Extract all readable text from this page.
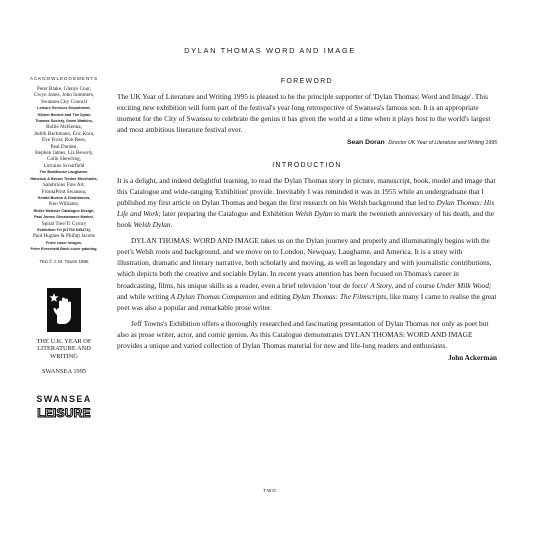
DYLAN THOMAS WORD AND IMAGE
ACKNOWLEDGEMENTS
Peter Blake, Glenys Cour,
Gwyn Jones, John Summers,
Swansea City Council
Leisure Services Department,
Gilbert Bennet and The Dylan
Thomas Society, Gwen Watkins,
Rollie McKenna,
Judith Bachmann, Eric Kora,
Eve Frost, Rob Rees,
Paul Durden,
Stephen James, Liz Beverly,
Colin Shewring,
Lorraine Scourfield
The Boathouse Laugharne,
Hancock & Brown Timber Merchants,
Salubrious Fine Art,
FrontaPrint Swansea,
Gerald Burton & Distributors,
Ken Williams,
Ridler Webster Catalogue Design,
Paul James Genaissance Market,
Spiral Tree/Ti Cymry
Exhibition Tel (01792 645474),
Paul Hughes & Phillip Jacobs
Front cover images,
Peter Eversheld Back cover painting.
Text © J. M. Towns 1995
THE U.K. YEAR OF
LITERATURE AND
WRITING
SWANSEA 1995
SWANSEA
LEISURE
FOREWORD

The UK Year of Literature and Writing 1995 is pleased to be the principle supporter of 'Dylan Thomas: Word and Image'. This exciting new exhibition will form part of the festival's year long retrospective of Swansea's famous son. It is an appropriate moment for the City of Swansea to celebrate the genius it has given the world at a time when it plays host to the world's largest and most ambitious literature festival ever.

Sean Doran Director UK Year of Literature and Writing 1995
INTRODUCTION

It is a delight, and indeed delightful learning, to read the Dylan Thomas story in picture, manuscript, book, model and image that this Catalogue and wide-ranging 'Exhibition' provide. Inevitably I was reminded it was in 1955 while an undergraduate that I published my first article on Dylan Thomas and began the first research on his Welsh background that led to Dylan Thomas: His Life and Work; later preparing the Catalogue and Exhibition Welsh Dylan to mark the twentieth anniversary of his death, and the book Welsh Dylan.

DYLAN THOMAS: WORD AND IMAGE takes us on the Dylan journey and properly and illuminatingly begins with the poet's Welsh roots and background, and we move on to London, Newquay, Laugharne, and America. It is a story with illustration, dramatic and literary narrative, both scholarly and moving, as well as legendary and with journalistic contributions, which depicts both the creative and sociable Dylan. In recent years attention has been focused on Thomas's career in broadcasting, films, his unique skills as a reader, even a brief television 'tour de force' A Story, and of course Under Milk Wood; and while writing A Dylan Thomas Companion and editing Dylan Thomas: The Filmscripts, like many I came to realise the great poet was also a popular and remarkable prose writer.

Jeff Towns's Exhibition offers a thoroughly researched and fascinating presentation of Dylan Thomas not only as poet but also as prose writer, actor, and comic genius. As this Catalogue demonstrates DYLAN THOMAS: WORD AND IMAGE provides a unique and varied collection of Dylan Thomas material for new and life-long readers and enthusiasts.

John Ackerman
TWO
